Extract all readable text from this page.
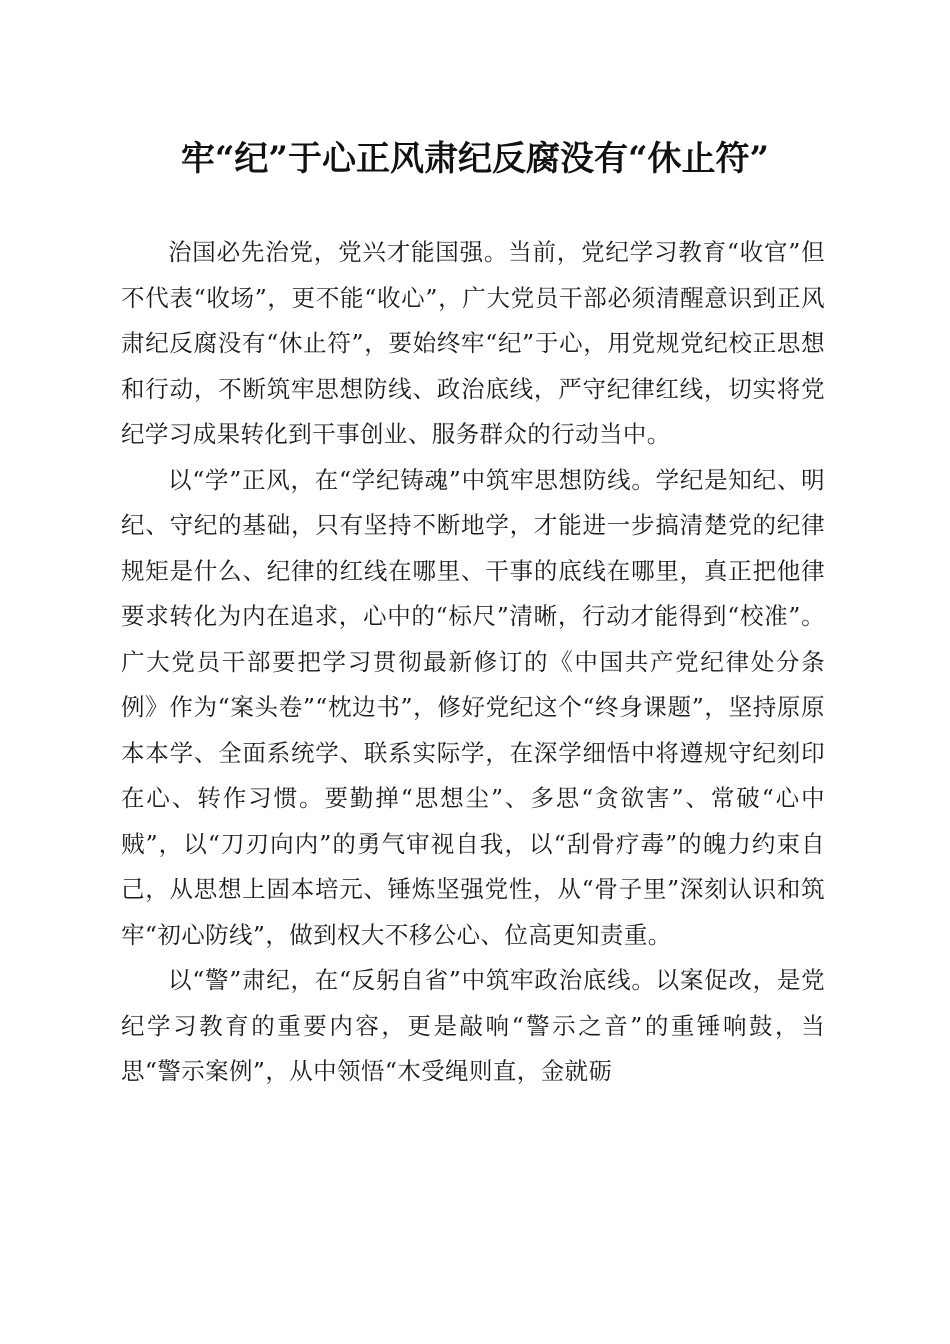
牢“纪”于心正风肃纪反腐没有“休止符”

治国必先治党，党兴才能国强。当前，党纪学习教育“收官”但不代表“收场”，更不能“收心”，广大党员干部必须清醒意识到正风肃纪反腐没有“休止符”，要始终牢“纪”于心，用党规党纪校正思想和行动，不断筑牢思想防线、政治底线，严守纪律红线，切实将党纪学习成果转化到干事创业、服务群众的行动当中。

以“学”正风，在“学纪铸魂”中筑牢思想防线。学纪是知纪、明纪、守纪的基础，只有坚持不断地学，才能进一步搞清楚党的纪律规矩是什么、纪律的红线在哪里、干事的底线在哪里，真正把他律要求转化为内在追求，心中的“标尺”清晰，行动才能得到“校准”。广大党员干部要把学习贯彻最新修订的《中国共产党纪律处分条例》作为“案头卷”“枕边书”，修好党纪这个“终身课题”，坚持原原本本学、全面系统学、联系实际学，在深学细悟中将遵规守纪刻印在心、转作习惯。要勤掸“思想尘”、多思“贪欲害”、常破“心中贼”，以“刀刃向内”的勇气审视自我，以“刮骨疗毒”的魄力约束自己，从思想上固本培元、锤炼坚强党性，从“骨子里”深刻认识和筑牢“初心防线”，做到权大不移公心、位高更知责重。

以“警”肃纪，在“反躬自省”中筑牢政治底线。以案促改，是党纪学习教育的重要内容，更是敲响“警示之音”的重锤响鼓，当思“警示案例”，从中领悟“木受绳则直，金就砺
